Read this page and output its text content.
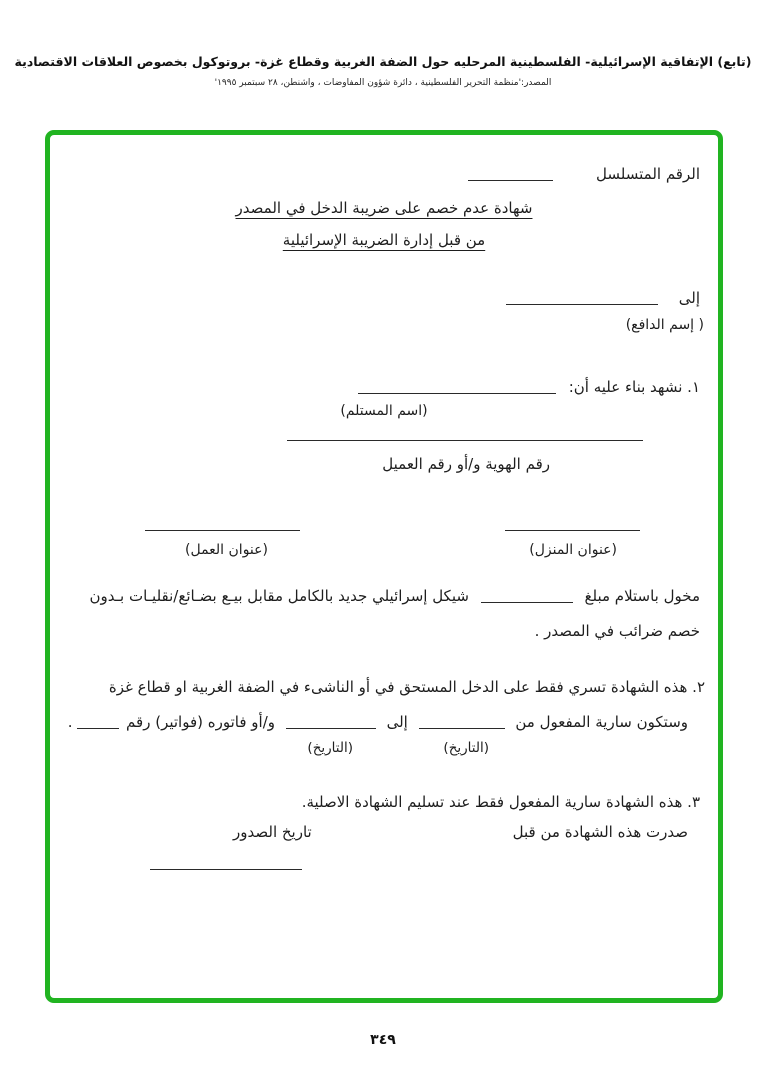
(تابع) الإتفاقية الإسرائيلية- الفلسطينية المرحليه حول الضفة الغربية وقطاع غزة- بروتوكول بخصوص العلاقات الاقتصادية
المصدر:'منظمة التحرير الفلسطينية ، دائرة شؤون المفاوضات ، واشنطن، ٢٨ سبتمبر ١٩٩٥'
الرقم المتسلسل
شهادة عدم خصم على ضريبة الدخل في المصدر
من قبل إدارة الضريبة الإسرائيلية
إلى
( إسم الدافع)
١. نشهد بناء عليه أن:
(اسم المستلم)
رقم الهوية و/أو رقم العميل
(عنوان المنزل)
(عنوان العمل)
مخول باستلام مبلغ  شيكل إسرائيلي جديد بالكامل مقابل بيـع بضـائع/نقليـات بـدون
خصم ضرائب في المصدر .
٢. هذه الشهادة تسري فقط على الدخل المستحق في أو الناشىء في الضفة الغربية او قطاع غزة
وستكون سارية المفعول من  إلى  و/أو فاتوره (فواتير) رقم  .
(التاريخ)
(التاريخ)
٣. هذه الشهادة سارية المفعول فقط عند تسليم الشهادة الاصلية.
صدرت هذه الشهادة من قبل
تاريخ الصدور
٣٤٩
